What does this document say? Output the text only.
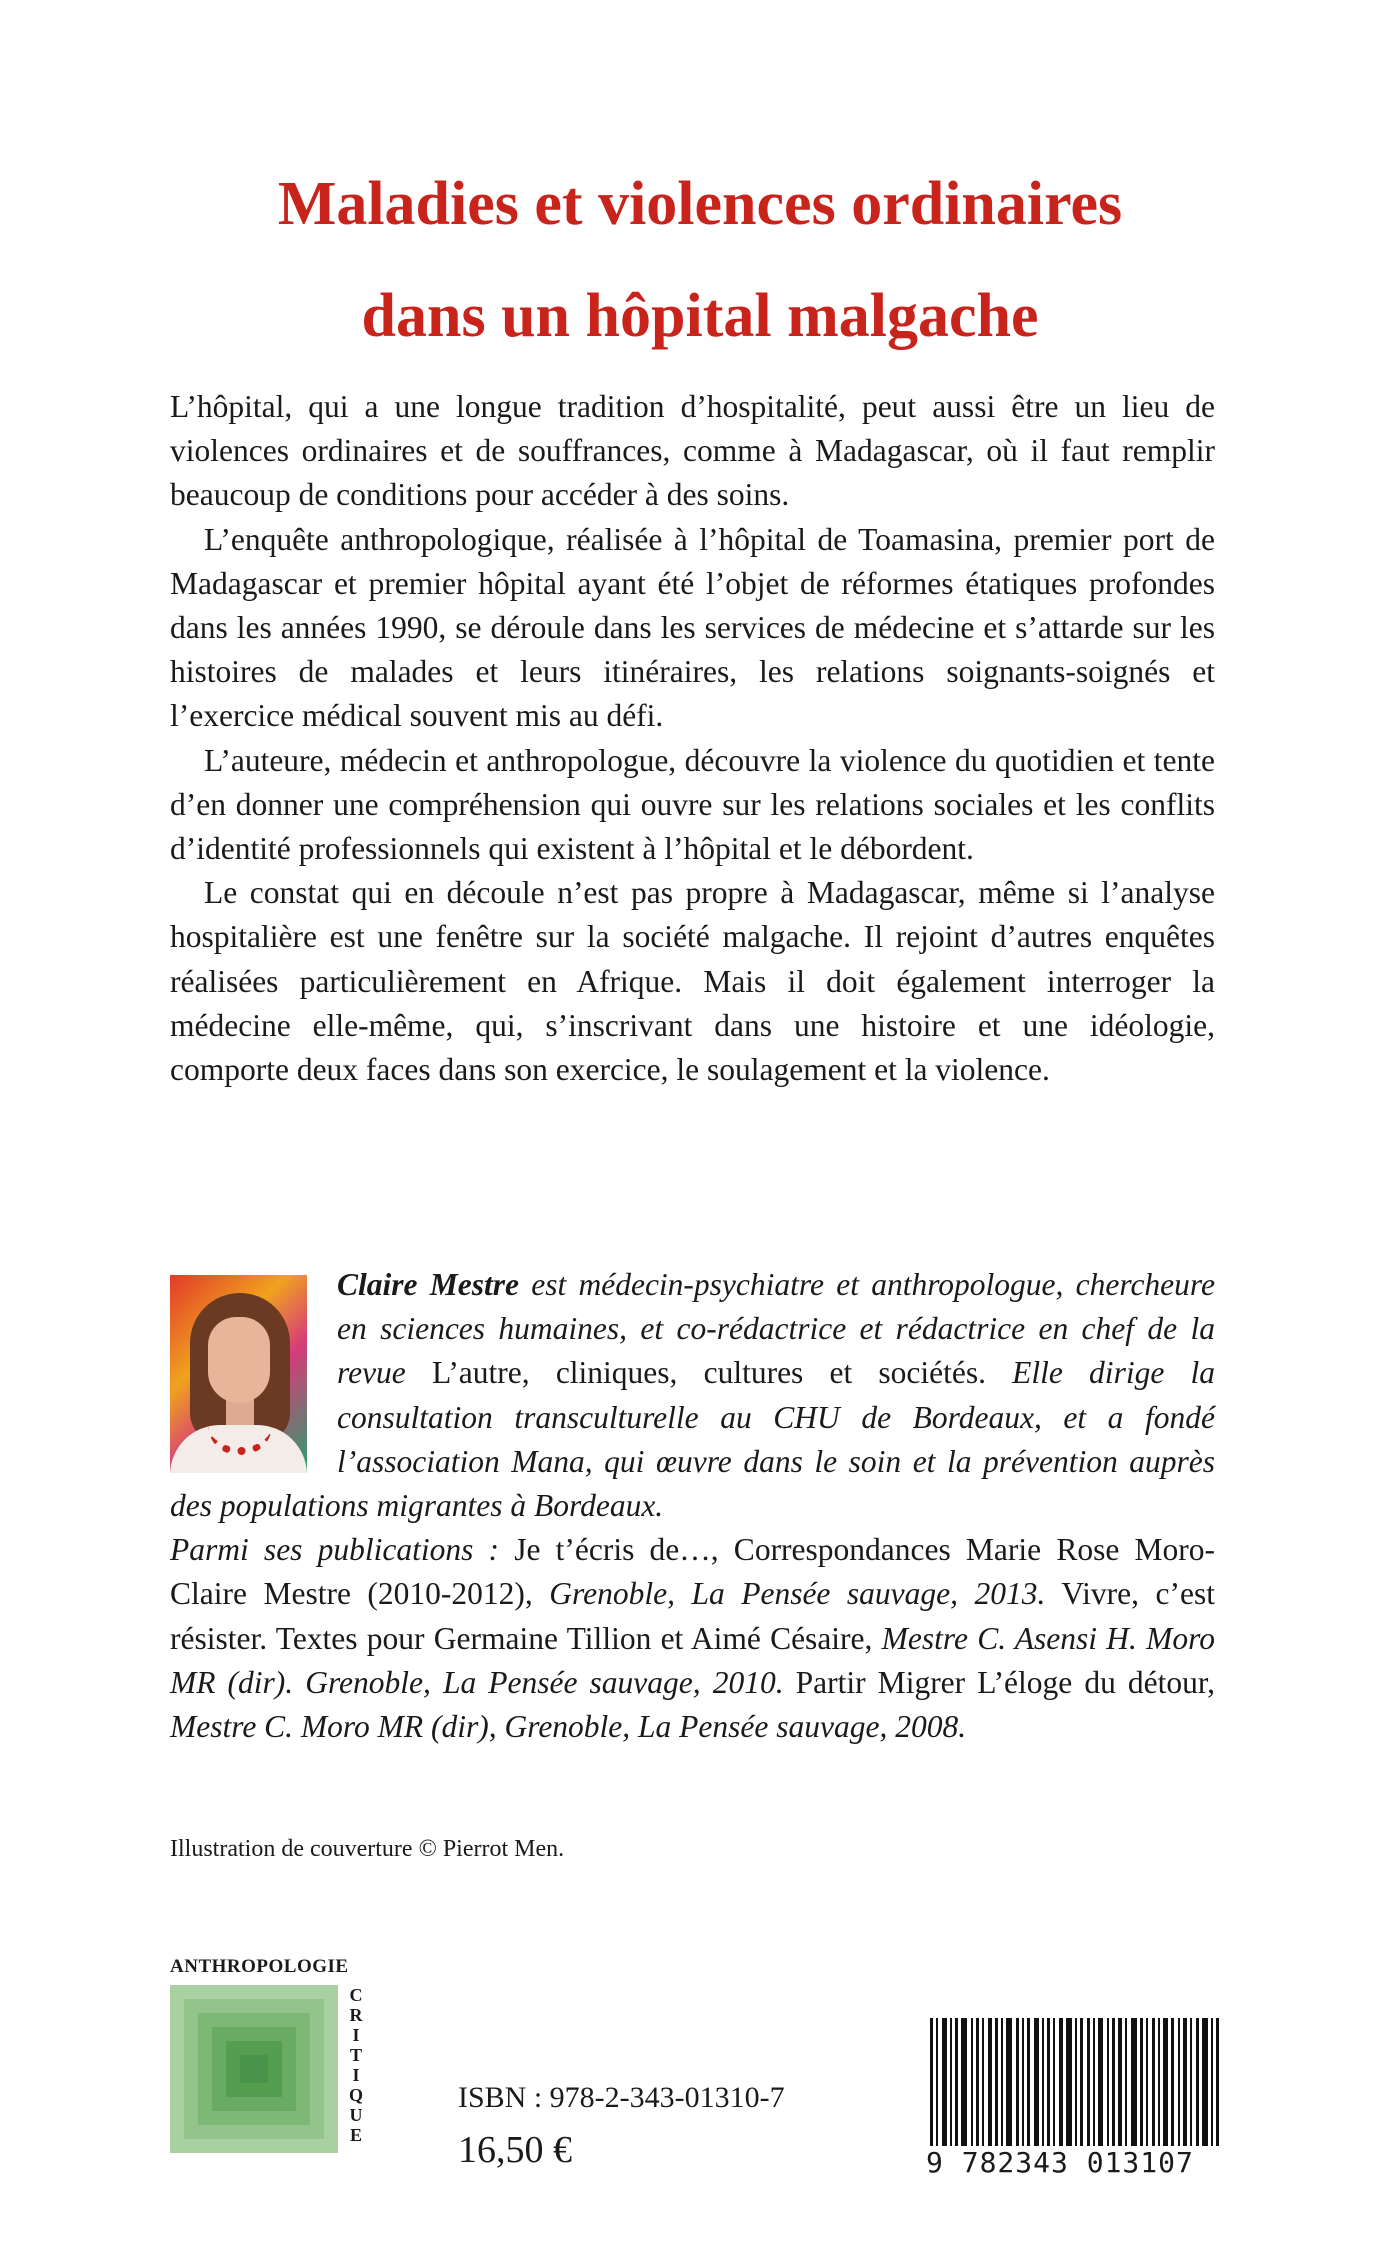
Maladies et violences ordinaires
dans un hôpital malgache

L’hôpital, qui a une longue tradition d’hospitalité, peut aussi être un lieu de violences ordinaires et de souffrances, comme à Madagascar, où il faut remplir beaucoup de conditions pour accéder à des soins.

L’enquête anthropologique, réalisée à l’hôpital de Toamasina, premier port de Madagascar et premier hôpital ayant été l’objet de réformes étatiques profondes dans les années 1990, se déroule dans les services de médecine et s’attarde sur les histoires de malades et leurs itinéraires, les relations soignants-soignés et l’exercice médical souvent mis au défi.

L’auteure, médecin et anthropologue, découvre la violence du quotidien et tente d’en donner une compréhension qui ouvre sur les relations sociales et les conflits d’identité professionnels qui existent à l’hôpital et le débordent.

Le constat qui en découle n’est pas propre à Madagascar, même si l’analyse hospitalière est une fenêtre sur la société malgache. Il rejoint d’autres enquêtes réalisées particulièrement en Afrique. Mais il doit également interroger la médecine elle-même, qui, s’inscrivant dans une histoire et une idéologie, comporte deux faces dans son exercice, le soulagement et la violence.

Claire Mestre est médecin-psychiatre et anthropologue, chercheure en sciences humaines, et co-rédactrice et rédactrice en chef de la revue L’autre, cliniques, cultures et sociétés. Elle dirige la consultation transculturelle au CHU de Bordeaux, et a fondé l’association Mana, qui œuvre dans le soin et la prévention auprès des populations migrantes à Bordeaux.

Parmi ses publications : Je t’écris de…, Correspondances Marie Rose Moro-Claire Mestre (2010-2012), Grenoble, La Pensée sauvage, 2013. Vivre, c’est résister. Textes pour Germaine Tillion et Aimé Césaire, Mestre C. Asensi H. Moro MR (dir). Grenoble, La Pensée sauvage, 2010. Partir Migrer L’éloge du détour, Mestre C. Moro MR (dir), Grenoble, La Pensée sauvage, 2008.

Illustration de couverture © Pierrot Men.
ANTHROPOLOGIE
C
R
I
T
I
Q
U
E
ISBN : 978-2-343-01310-7
16,50 €	9 782343 013107
